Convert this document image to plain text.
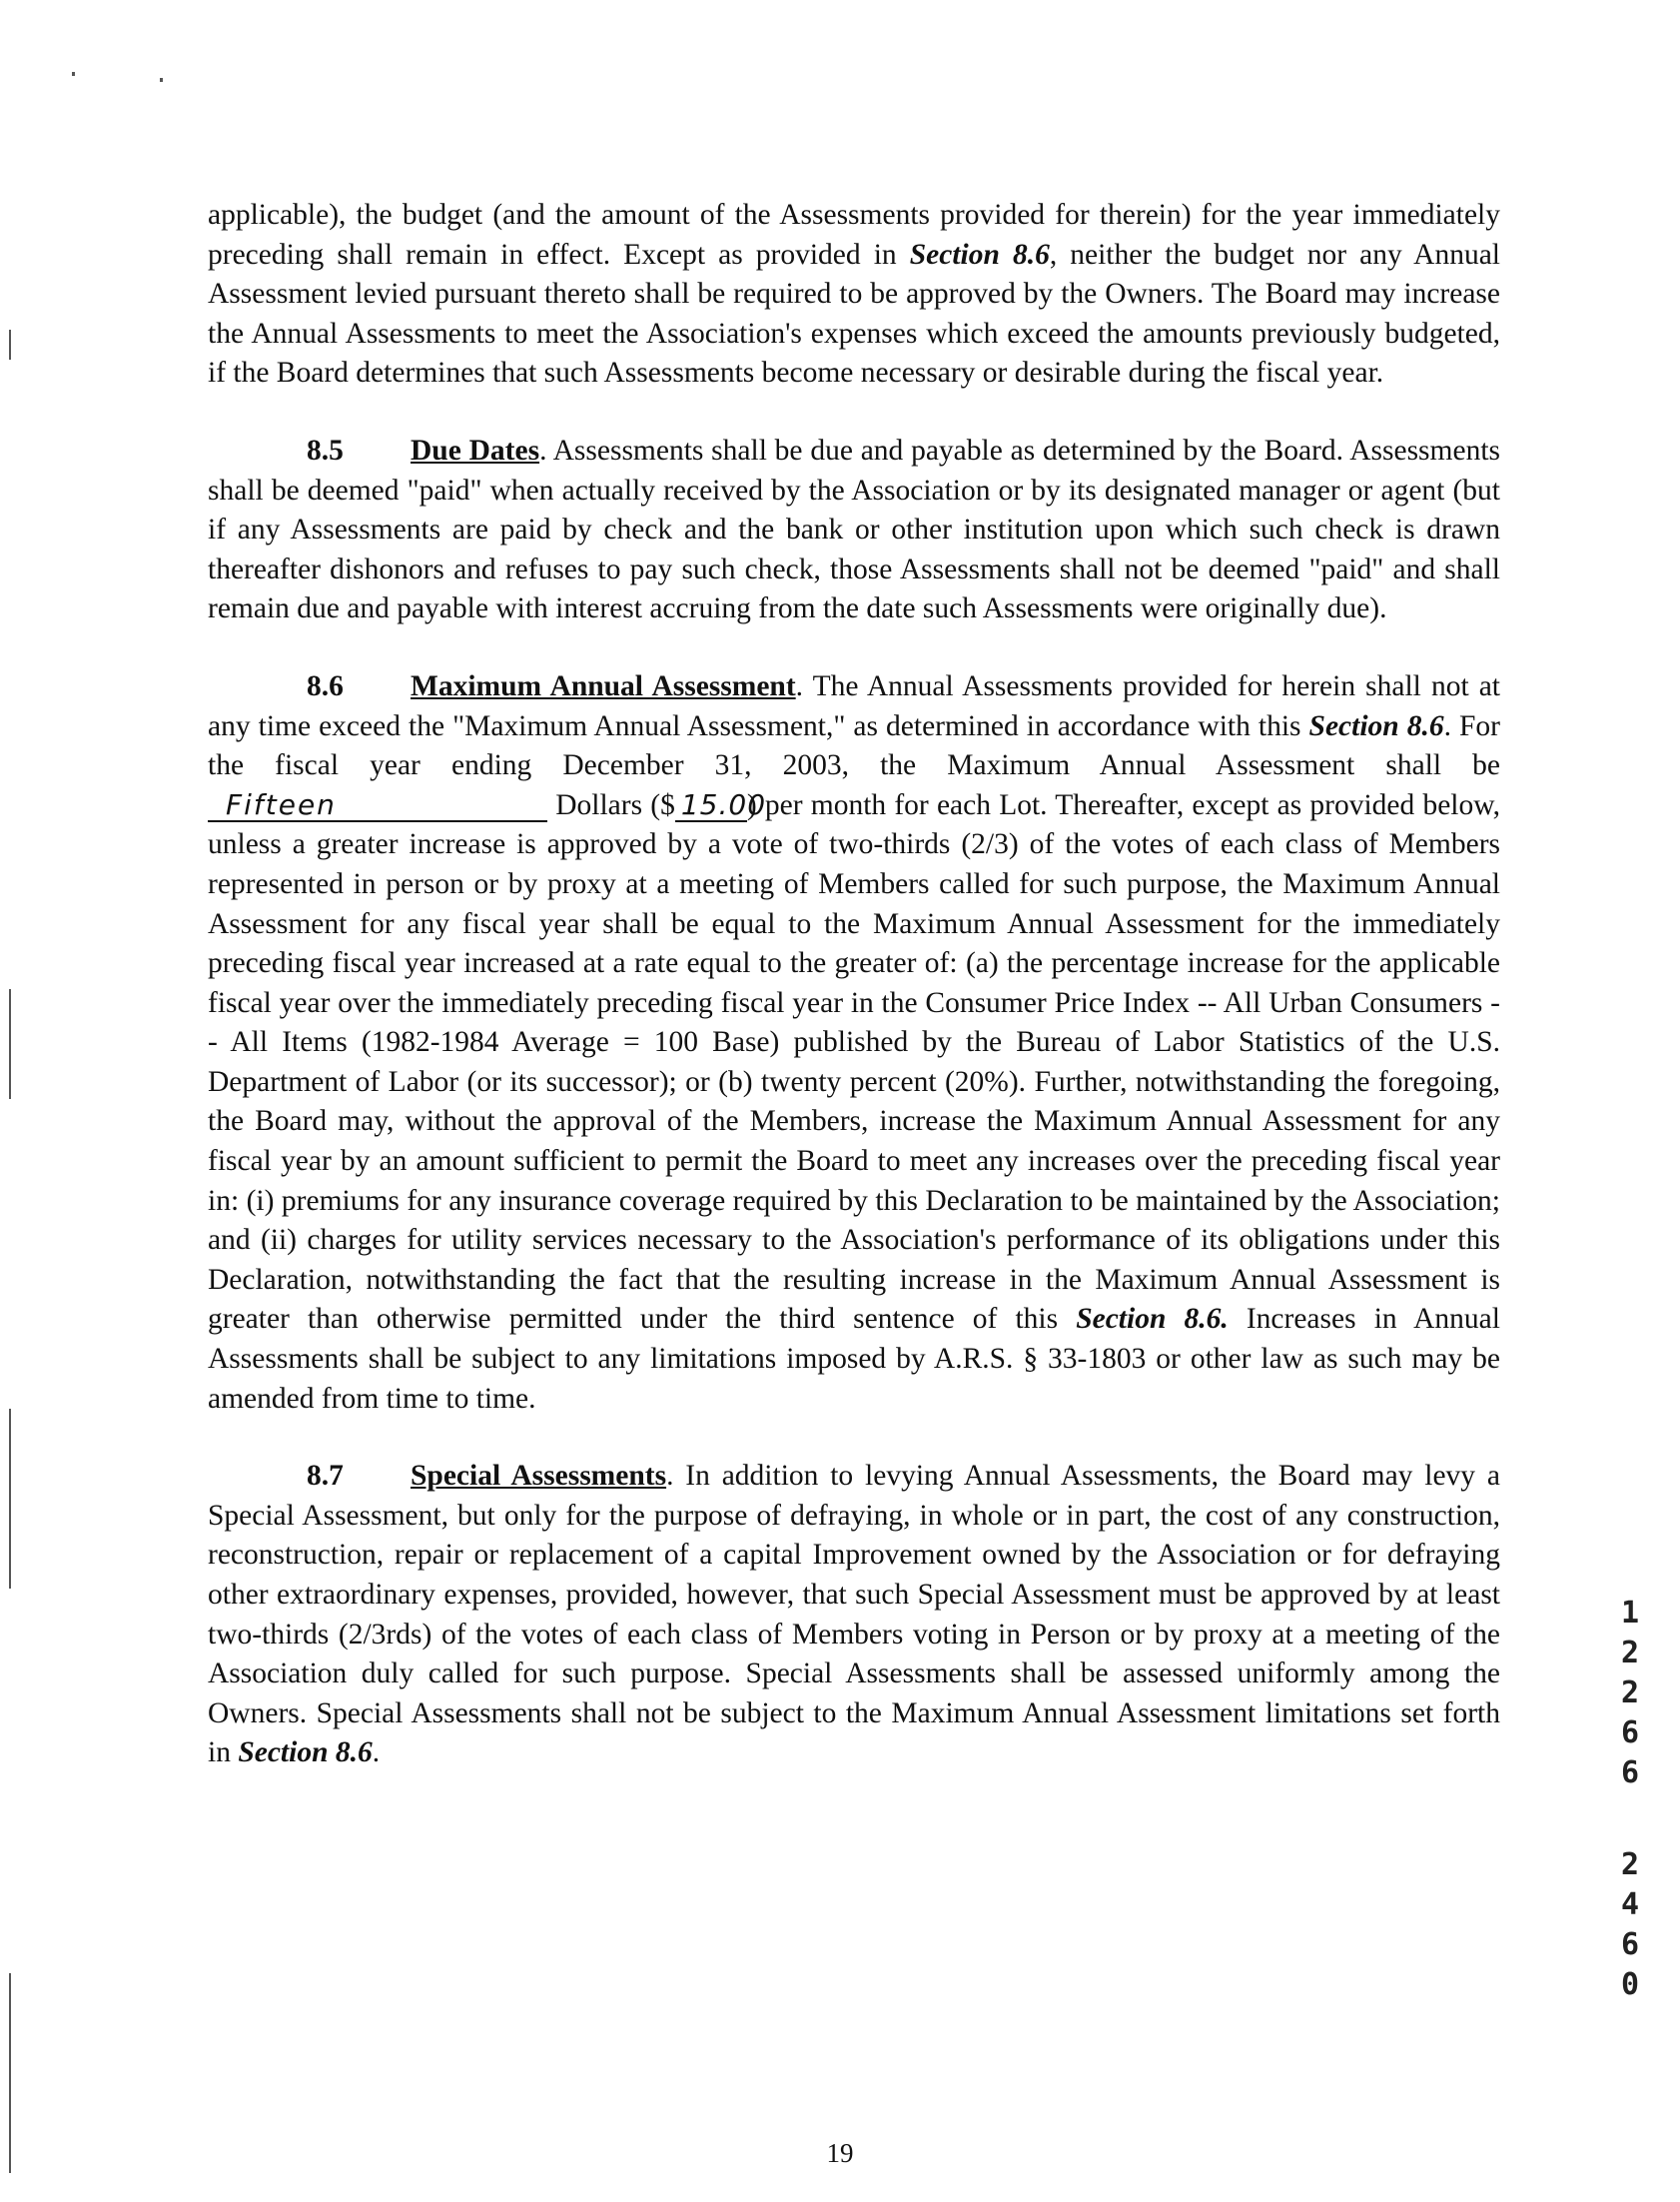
applicable), the budget (and the amount of the Assessments provided for therein) for the year immediately preceding shall remain in effect. Except as provided in Section 8.6, neither the budget nor any Annual Assessment levied pursuant thereto shall be required to be approved by the Owners. The Board may increase the Annual Assessments to meet the Association's expenses which exceed the amounts previously budgeted, if the Board determines that such Assessments become necessary or desirable during the fiscal year.

8.5 Due Dates. Assessments shall be due and payable as determined by the Board. Assessments shall be deemed "paid" when actually received by the Association or by its designated manager or agent (but if any Assessments are paid by check and the bank or other institution upon which such check is drawn thereafter dishonors and refuses to pay such check, those Assessments shall not be deemed "paid" and shall remain due and payable with interest accruing from the date such Assessments were originally due).

8.6 Maximum Annual Assessment. The Annual Assessments provided for herein shall not at any time exceed the "Maximum Annual Assessment," as determined in accordance with this Section 8.6. For the fiscal year ending December 31, 2003, the Maximum Annual Assessment shall be Fifteen	Dollars ($ 15.00) per month for each Lot. Thereafter, except as provided below, unless a greater increase is approved by a vote of two-thirds (2/3) of the votes of each class of Members represented in person or by proxy at a meeting of Members called for such purpose, the Maximum Annual Assessment for any fiscal year shall be equal to the Maximum Annual Assessment for the immediately preceding fiscal year increased at a rate equal to the greater of: (a) the percentage increase for the applicable fiscal year over the immediately preceding fiscal year in the Consumer Price Index -- All Urban Consumers -- All Items (1982-1984 Average = 100 Base) published by the Bureau of Labor Statistics of the U.S. Department of Labor (or its successor); or (b) twenty percent (20%). Further, notwithstanding the foregoing, the Board may, without the approval of the Members, increase the Maximum Annual Assessment for any fiscal year by an amount sufficient to permit the Board to meet any increases over the preceding fiscal year in: (i) premiums for any insurance coverage required by this Declaration to be maintained by the Association; and (ii) charges for utility services necessary to the Association's performance of its obligations under this Declaration, notwithstanding the fact that the resulting increase in the Maximum Annual Assessment is greater than otherwise permitted under the third sentence of this Section 8.6. Increases in Annual Assessments shall be subject to any limitations imposed by A.R.S. § 33-1803 or other law as such may be amended from time to time.

8.7 Special Assessments. In addition to levying Annual Assessments, the Board may levy a Special Assessment, but only for the purpose of defraying, in whole or in part, the cost of any construction, reconstruction, repair or replacement of a capital Improvement owned by the Association or for defraying other extraordinary expenses, provided, however, that such Special Assessment must be approved by at least two-thirds (2/3rds) of the votes of each class of Members voting in Person or by proxy at a meeting of the Association duly called for such purpose. Special Assessments shall be assessed uniformly among the Owners. Special Assessments shall not be subject to the Maximum Annual Assessment limitations set forth in Section 8.6.

1
2
2
6
6
2
4
6
0
19
